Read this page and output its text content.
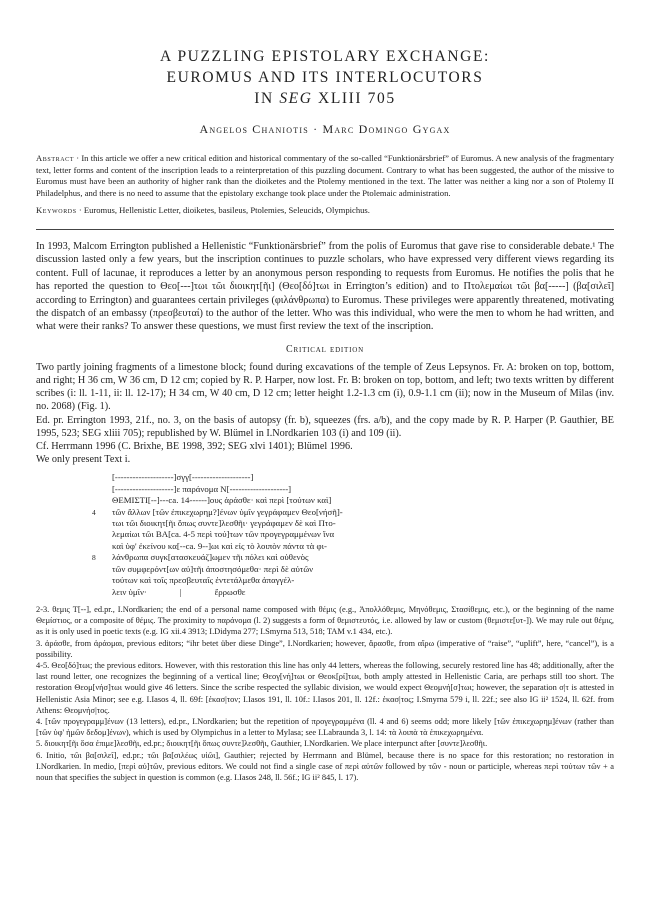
A PUZZLING EPISTOLARY EXCHANGE:
EUROMUS AND ITS INTERLOCUTORS
IN SEG XLIII 705
Angelos Chaniotis · Marc Domingo Gygax
Abstract · In this article we offer a new critical edition and historical commentary of the so-called “Funktionärsbrief” of Euromus. A new analysis of the fragmentary text, letter forms and content of the inscription leads to a reinterpretation of this puzzling document. Contrary to what has been suggested, the author of the missive to Euromus must have been an authority of higher rank than the dioiketes and the Ptolemy mentioned in the text. The latter was neither a king nor a son of Ptolemy II Philadelphus, and there is no need to assume that the epistolary exchange took place under the Ptolemaic administration.
Keywords · Euromus, Hellenistic Letter, dioiketes, basileus, Ptolemies, Seleucids, Olympichus.

In 1993, Malcom Errington published a Hellenistic “Funktionärsbrief” from the polis of Euromus that gave rise to considerable debate.¹ The discussion lasted only a few years, but the inscription continues to puzzle scholars, who have expressed very different views regarding its content. Full of lacunae, it reproduces a letter by an anonymous person responding to requests from Euromus. He notifies the polis that he has reported the question to Θεο[---]τωι τῶι διοικητ[ῆι] (Θεο[δό]τωι in Errington’s edition) and to Πτολεμαίωι τῶι βα[-----] (βα[σιλεῖ] according to Errington) and guarantees certain privileges (φιλάνθρωπα) to Euromus. These privileges were apparently threatened, motivating the dispatch of an embassy (πρεσβευταί) to the author of the letter. Who was this individual, who were the men to whom he had written, and what were their ranks? To answer these questions, we must first review the text of the inscription.

Critical edition

Two partly joining fragments of a limestone block; found during excavations of the temple of Zeus Lepsynos. Fr. A: broken on top, bottom, and right; H 36 cm, W 36 cm, D 12 cm; copied by R. P. Harper, now lost. Fr. B: broken on top, bottom, and left; two texts written by different scribes (i: ll. 1-11, ii: ll. 12-17); H 34 cm, W 40 cm, D 12 cm; letter height 1.2-1.3 cm (i), 0.9-1.1 cm (ii); now in the Museum of Milas (inv. no. 2068) (Fig. 1).

Ed. pr. Errington 1993, 21f., no. 3, on the basis of autopsy (fr. b), squeezes (frs. a/b), and the copy made by R. P. Harper (P. Gauthier, BE 1995, 523; SEG xliii 705); republished by W. Blümel in I.Nordkarien 103 (i) and 109 (ii).

Cf. Herrmann 1996 (C. Brixhe, BE 1998, 392; SEG xlvi 1401); Blümel 1996.

We only present Text i.

[--------------------]σγγ[--------------------]
[--------------------]ε παράνομα Ν[--------------------]
ΘΕΜΙΣΤΙ[--]---ca. 14------]ους ἀράσθε· καὶ περὶ [τούτων καὶ]
4 τῶν ἄλλων [τῶν ἐπικεχωρημ?]ένων ὑμῖν γεγράφαμεν Θεο[νήσῆ]-
τωι τῶι διοικητ[ῆι ὅπως συντε]λεσθῆι· γεγράφαμεν δὲ καὶ Πτο-
λεμαίωι τῶι ΒΑ[ca. 4-5 περὶ τού]των τῶν προγεγραμμένων ἵνα
καὶ ὑφ' ἐκείνου κα[--ca. 9--]ωι καὶ εἰς τὸ λοιπὸν πάντα τὰ φι-
8 λάνθρωπα συγκ[ατασκευάζ]ωμεν τῆι πόλει καὶ οὐθενὸς
τῶν συμφερόντ[ων αὐ]τῆι ἀποστησόμεθα· περὶ δὲ αὐτῶν
τούτων καὶ τοῖς πρεσβευταῖς ἐντετάλμεθα ἀπαγγέλ-
λειν ὑμῖν·               |               ἔρρωσθε

2-3. θεμις Τ[--], ed.pr., I.Nordkarien; the end of a personal name composed with θέμις (e.g., Ἀπολλόθεμις, Μηνόθεμις, Στασίθεμις, etc.), or the beginning of the name Θεμίστιος, or a composite of θέμις. The proximity to παράνομα (l. 2) suggests a form of θεμιστευτός, i.e. allowed by law or custom (θεμιστε[υτ-]). We may rule out θέμις, as it is only used in poetic texts (e.g. IG xii.4 3913; I.Didyma 277; I.Smyrna 513, 518; TAM v.1 434, etc.).

3. ἀράσθε, from ἀράομαι, previous editors; “ihr betet über diese Dinge”, I.Nordkarien; however, ἄρασθε, from αἴρω (imperative of “raise”, “uplift”, here, “cancel”), is a possibility.

4-5. Θεο[δό]τωι; the previous editors. However, with this restoration this line has only 44 letters, whereas the following, securely restored line has 48; additionally, after the last round letter, one recognizes the beginning of a vertical line; Θεογ[νή]τωι or Θεοκ[ρί]τωι, both amply attested in Hellenistic Caria, are perhaps still too short. The restoration Θεομ[νήσ]τωι would give 46 letters. Since the scribe respected the syllabic division, we would expect Θεομνή[σ]τωι; however, the separation σ|τ is attested in Hellenistic Asia Minor; see e.g. I.Iasos 4, ll. 69f: [ἐκασ|τον; I.Iasos 191, ll. 10f.: I.Iasos 201, ll. 12f.: ἑκασ|τος; I.Smyrna 579 i, ll. 22f.; see also IG ii² 1524, ll. 62f. from Athens: Θεομνήσ|τος.

4. [τῶν προγεγραμμ]ένων (13 letters), ed.pr., I.Nordkarien; but the repetition of προγεγραμμένα (ll. 4 and 6) seems odd; more likely [τῶν ἐπικεχωρημ]ένων (rather than [τῶν ὑφ' ἡμῶν δεδομ]ένων), which is used by Olympichus in a letter to Mylasa; see I.Labraunda 3, l. 14: τὰ λοιπὰ τὰ ἐπικεχωρημένα.

5. διοικητ[ῆι ὅσα ἐπιμε]λεσθῆι, ed.pr.; διοικητ[ῆι ὅπως συντε]λεσθῆι, Gauthier, I.Nordkarien. We place interpunct after [συντε]λεσθῆι.

6. Initio, τῶι βα[σιλεῖ], ed.pr.; τῶι βα[σιλέως υἱῶι], Gauthier; rejected by Herrmann and Blümel, because there is no space for this restoration; no restoration in I.Nordkarien. In medio, [περὶ αὐ]τῶν, previous editors. We could not find a single case of περὶ αὐτῶν followed by τῶν - noun or participle, whereas περὶ τούτων τῶν + a noun that specifies the subject in question is common (e.g. I.Iasos 248, ll. 56f.; IG ii² 845, l. 17).
